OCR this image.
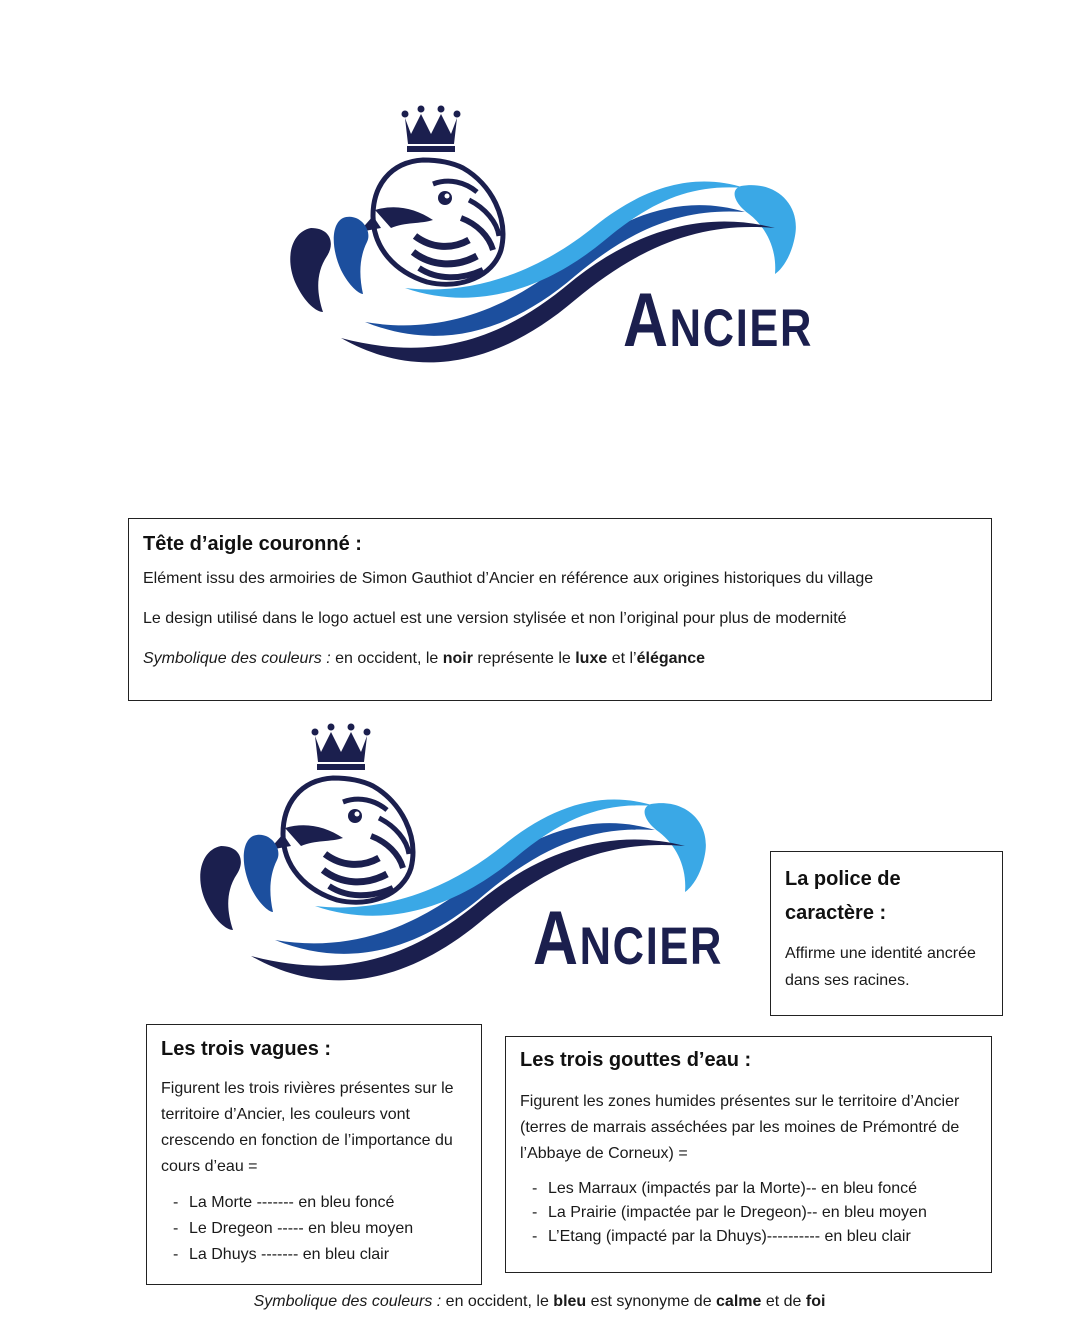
Ancier
Tête d’aigle couronné :

Elément issu des armoiries de Simon Gauthiot d’Ancier en référence aux origines historiques du village

Le design utilisé dans le logo actuel est une version stylisée et non l’original pour plus de modernité

Symbolique des couleurs : en occident, le noir représente le luxe et l’élégance

Ancier
La police de caractère :

Affirme une identité ancrée dans ses racines.

Les trois vagues :

Figurent les trois rivières présentes sur le territoire d’Ancier, les couleurs vont crescendo en fonction de l’importance du cours d’eau =

- La Morte ------- en bleu foncé
- Le Dregeon ----- en bleu moyen
- La Dhuys ------- en bleu clair
Les trois gouttes d’eau :

Figurent les zones humides présentes sur le territoire d’Ancier (terres de marrais asséchées par les moines de Prémontré de l’Abbaye de Corneux) =

- Les Marraux (impactés par la Morte)-- en bleu foncé
- La Prairie (impactée par le Dregeon)-- en bleu moyen
- L’Etang (impacté par la Dhuys)---------- en bleu clair

Symbolique des couleurs : en occident, le bleu est synonyme de calme et de foi
